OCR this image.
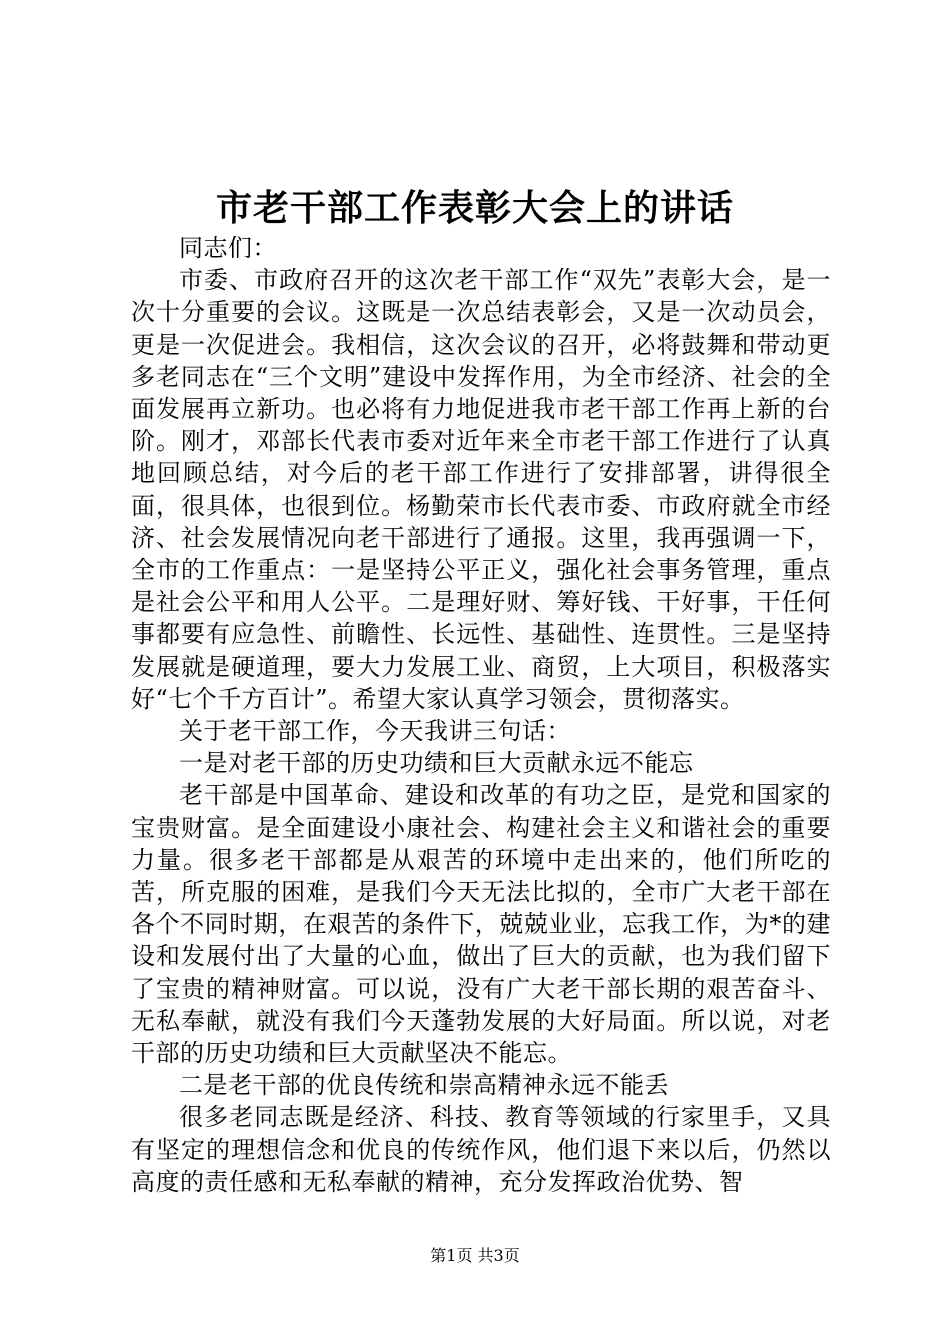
市老干部工作表彰大会上的讲话

同志们：

市委、市政府召开的这次老干部工作“双先”表彰大会，是一次十分重要的会议。这既是一次总结表彰会，又是一次动员会，更是一次促进会。我相信，这次会议的召开，必将鼓舞和带动更多老同志在“三个文明”建设中发挥作用，为全市经济、社会的全面发展再立新功。也必将有力地促进我市老干部工作再上新的台阶。刚才，邓部长代表市委对近年来全市老干部工作进行了认真地回顾总结，对今后的老干部工作进行了安排部署，讲得很全面，很具体，也很到位。杨勤荣市长代表市委、市政府就全市经济、社会发展情况向老干部进行了通报。这里，我再强调一下，全市的工作重点：一是坚持公平正义，强化社会事务管理，重点是社会公平和用人公平。二是理好财、筹好钱、干好事，干任何事都要有应急性、前瞻性、长远性、基础性、连贯性。三是坚持发展就是硬道理，要大力发展工业、商贸，上大项目，积极落实好“七个千方百计”。希望大家认真学习领会，贯彻落实。

关于老干部工作，今天我讲三句话：

一是对老干部的历史功绩和巨大贡献永远不能忘

老干部是中国革命、建设和改革的有功之臣，是党和国家的宝贵财富。是全面建设小康社会、构建社会主义和谐社会的重要力量。很多老干部都是从艰苦的环境中走出来的，他们所吃的苦，所克服的困难，是我们今天无法比拟的，全市广大老干部在各个不同时期，在艰苦的条件下，兢兢业业，忘我工作，为*的建设和发展付出了大量的心血，做出了巨大的贡献，也为我们留下了宝贵的精神财富。可以说，没有广大老干部长期的艰苦奋斗、无私奉献，就没有我们今天蓬勃发展的大好局面。所以说，对老干部的历史功绩和巨大贡献坚决不能忘。

二是老干部的优良传统和崇高精神永远不能丢

很多老同志既是经济、科技、教育等领域的行家里手，又具有坚定的理想信念和优良的传统作风，他们退下来以后，仍然以高度的责任感和无私奉献的精神，充分发挥政治优势、智

第1页 共3页
